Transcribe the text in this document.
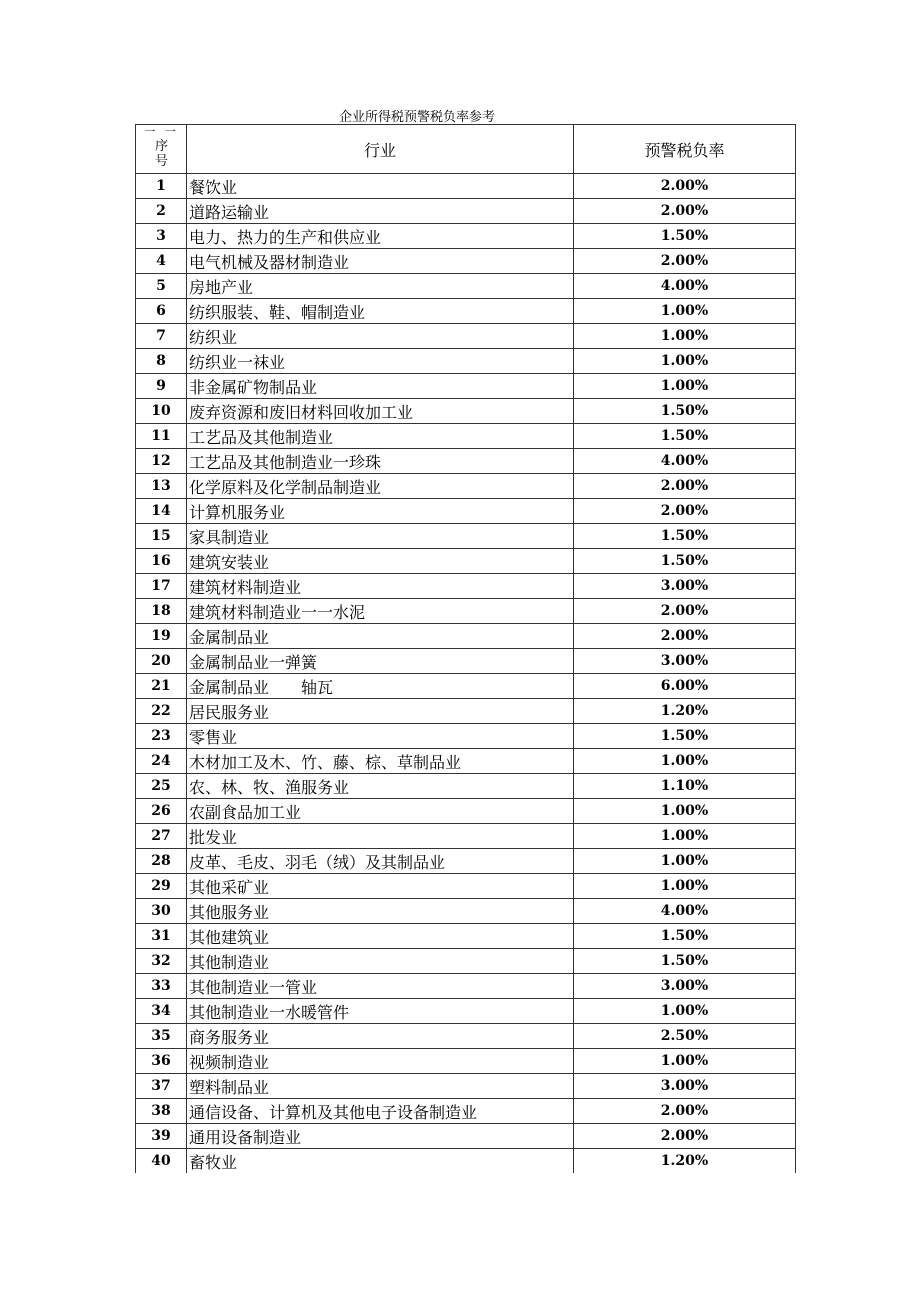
企业所得税预警税负率参考
一 一
序
号	行业	预警税负率
1	餐饮业	2.00%
2	道路运输业	2.00%
3	电力、热力的生产和供应业	1.50%
4	电气机械及器材制造业	2.00%
5	房地产业	4.00%
6	纺织服装、鞋、帽制造业	1.00%
7	纺织业	1.00%
8	纺织业一袜业	1.00%
9	非金属矿物制品业	1.00%
10	废弃资源和废旧材料回收加工业	1.50%
11	工艺品及其他制造业	1.50%
12	工艺品及其他制造业一珍珠	4.00%
13	化学原料及化学制品制造业	2.00%
14	计算机服务业	2.00%
15	家具制造业	1.50%
16	建筑安装业	1.50%
17	建筑材料制造业	3.00%
18	建筑材料制造业一一水泥	2.00%
19	金属制品业	2.00%
20	金属制品业一弹簧	3.00%
21	金属制品业　　轴瓦	6.00%
22	居民服务业	1.20%
23	零售业	1.50%
24	木材加工及木、竹、藤、棕、草制品业	1.00%
25	农、林、牧、渔服务业	1.10%
26	农副食品加工业	1.00%
27	批发业	1.00%
28	皮革、毛皮、羽毛（绒）及其制品业	1.00%
29	其他采矿业	1.00%
30	其他服务业	4.00%
31	其他建筑业	1.50%
32	其他制造业	1.50%
33	其他制造业一管业	3.00%
34	其他制造业一水暖管件	1.00%
35	商务服务业	2.50%
36	视频制造业	1.00%
37	塑料制品业	3.00%
38	通信设备、计算机及其他电子设备制造业	2.00%
39	通用设备制造业	2.00%
40	畜牧业	1.20%
